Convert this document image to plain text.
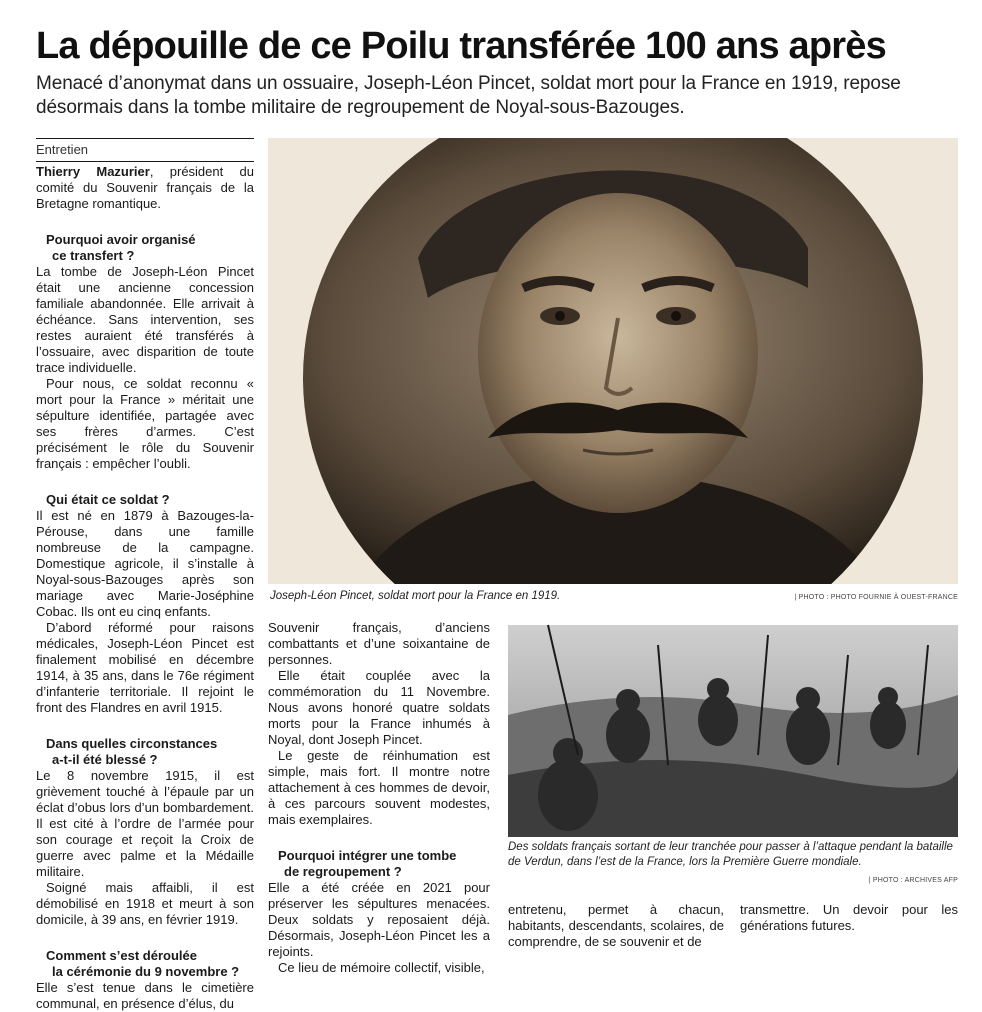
La dépouille de ce Poilu transférée 100 ans après

Menacé d’anonymat dans un ossuaire, Joseph-Léon Pincet, soldat mort pour la France en 1919, repose désormais dans la tombe militaire de regroupement de Noyal-sous-Bazouges.

Entretien

Thierry Mazurier, président du comité du Souvenir français de la Bretagne romantique.

Pourquoi avoir organisé
ce transfert ?

La tombe de Joseph-Léon Pincet était une ancienne concession familiale abandonnée. Elle arrivait à échéance. Sans intervention, ses restes auraient été transférés à l’ossuaire, avec disparition de toute trace individuelle.

Pour nous, ce soldat reconnu « mort pour la France » méritait une sépulture identifiée, partagée avec ses frères d’armes. C’est précisément le rôle du Souvenir français : empêcher l’oubli.

Qui était ce soldat ?

Il est né en 1879 à Bazouges-la-Pérouse, dans une famille nombreuse de la campagne. Domestique agricole, il s’installe à Noyal-sous-Bazouges après son mariage avec Marie-Joséphine Cobac. Ils ont eu cinq enfants.

D’abord réformé pour raisons médicales, Joseph-Léon Pincet est finalement mobilisé en décembre 1914, à 35 ans, dans le 76e régiment d’infanterie territoriale. Il rejoint le front des Flandres en avril 1915.

Dans quelles circonstances
a-t-il été blessé ?

Le 8 novembre 1915, il est grièvement touché à l’épaule par un éclat d’obus lors d’un bombardement. Il est cité à l’ordre de l’armée pour son courage et reçoit la Croix de guerre avec palme et la Médaille militaire.

Soigné mais affaibli, il est démobilisé en 1918 et meurt à son domicile, à 39 ans, en février 1919.

Comment s’est déroulée
la cérémonie du 9 novembre ?

Elle s’est tenue dans le cimetière communal, en présence d’élus, du

Joseph-Léon Pincet, soldat mort pour la France en 1919.	| PHOTO : PHOTO FOURNIE À OUEST-FRANCE

Souvenir français, d’anciens combattants et d’une soixantaine de personnes.

Elle était couplée avec la commémoration du 11 Novembre. Nous avons honoré quatre soldats morts pour la France inhumés à Noyal, dont Joseph Pincet.

Le geste de réinhumation est simple, mais fort. Il montre notre attachement à ces hommes de devoir, à ces parcours souvent modestes, mais exemplaires.

Pourquoi intégrer une tombe
de regroupement ?

Elle a été créée en 2021 pour préserver les sépultures menacées. Deux soldats y reposaient déjà. Désormais, Joseph-Léon Pincet les a rejoints.

Ce lieu de mémoire collectif, visible,

Des soldats français sortant de leur tranchée pour passer à l’attaque pendant la bataille de Verdun, dans l’est de la France, lors la Première Guerre mondiale.
| PHOTO : ARCHIVES AFP

entretenu, permet à chacun, habitants, descendants, scolaires, de comprendre, de se souvenir et de

transmettre. Un devoir pour les générations futures.
